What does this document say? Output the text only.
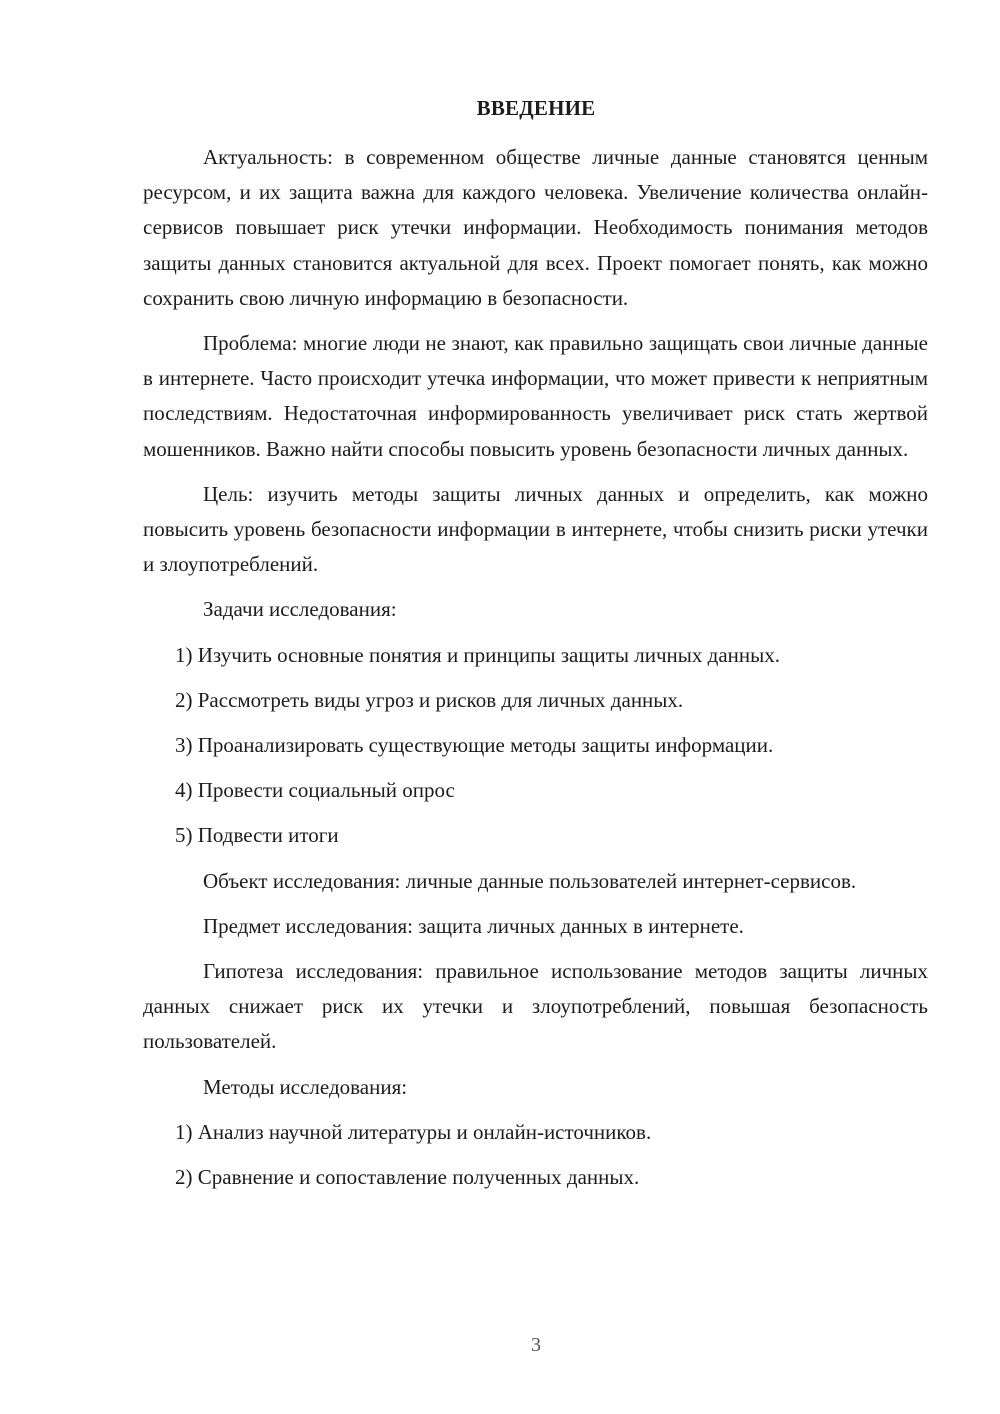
ВВЕДЕНИЕ

Актуальность: в современном обществе личные данные становятся ценным ресурсом, и их защита важна для каждого человека. Увеличение количества онлайн-сервисов повышает риск утечки информации. Необходимость понимания методов защиты данных становится актуальной для всех. Проект помогает понять, как можно сохранить свою личную информацию в безопасности.

Проблема: многие люди не знают, как правильно защищать свои личные данные в интернете. Часто происходит утечка информации, что может привести к неприятным последствиям. Недостаточная информированность увеличивает риск стать жертвой мошенников. Важно найти способы повысить уровень безопасности личных данных.

Цель: изучить методы защиты личных данных и определить, как можно повысить уровень безопасности информации в интернете, чтобы снизить риски утечки и злоупотреблений.

Задачи исследования:

1) Изучить основные понятия и принципы защиты личных данных.

2) Рассмотреть виды угроз и рисков для личных данных.

3) Проанализировать существующие методы защиты информации.

4) Провести социальный опрос

5) Подвести итоги

Объект исследования: личные данные пользователей интернет-сервисов.

Предмет исследования: защита личных данных в интернете.

Гипотеза исследования: правильное использование методов защиты личных данных снижает риск их утечки и злоупотреблений, повышая безопасность пользователей.

Методы исследования:

1) Анализ научной литературы и онлайн-источников.

2) Сравнение и сопоставление полученных данных.

3
